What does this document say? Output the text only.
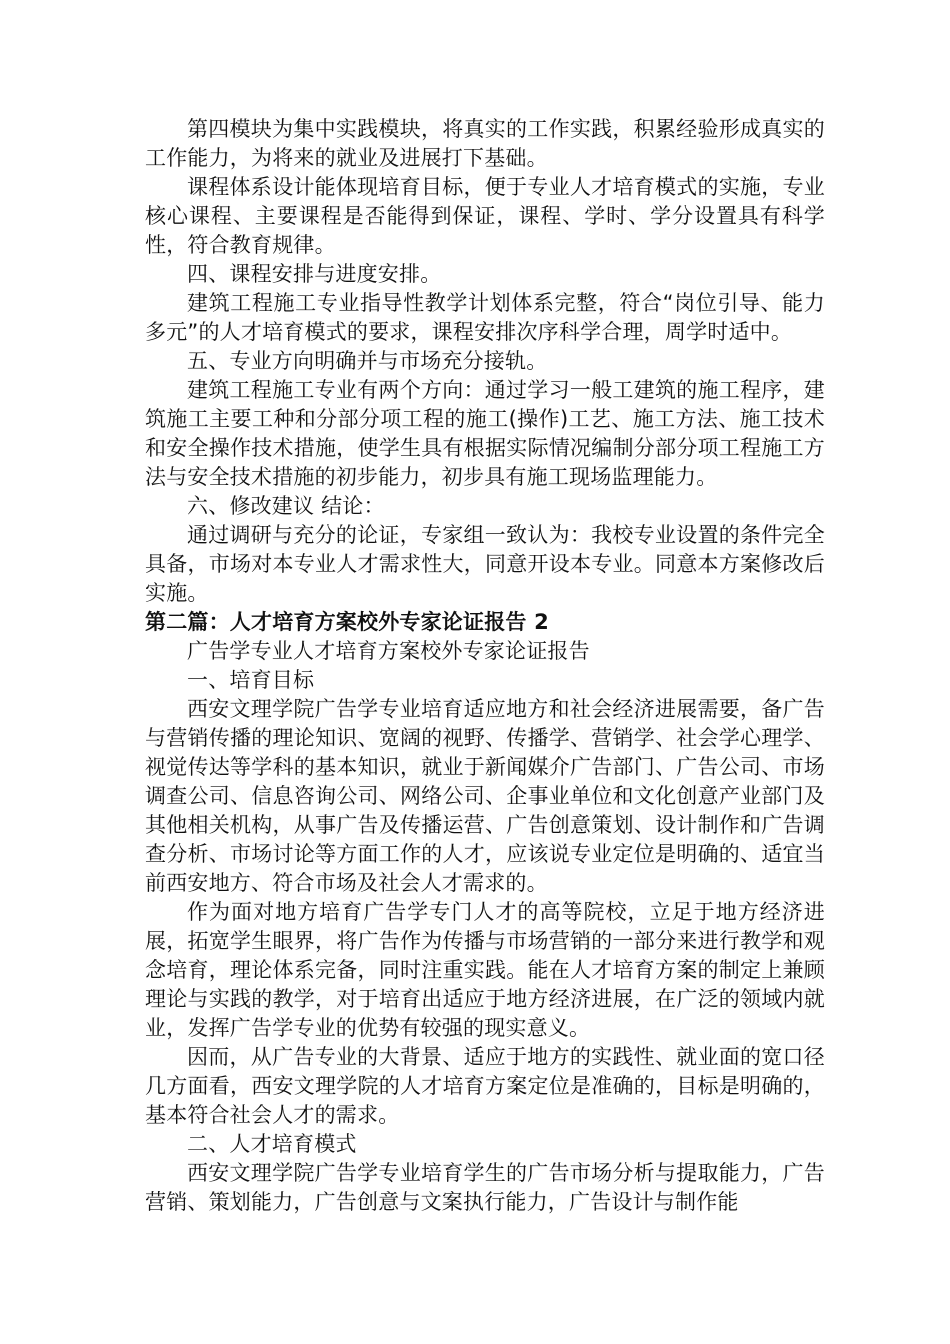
第四模块为集中实践模块，将真实的工作实践，积累经验形成真实的工作能力，为将来的就业及进展打下基础。

课程体系设计能体现培育目标，便于专业人才培育模式的实施，专业核心课程、主要课程是否能得到保证，课程、学时、学分设置具有科学性，符合教育规律。

四、课程安排与进度安排。

建筑工程施工专业指导性教学计划体系完整，符合“岗位引导、能力多元”的人才培育模式的要求，课程安排次序科学合理，周学时适中。

五、专业方向明确并与市场充分接轨。

建筑工程施工专业有两个方向：通过学习一般工建筑的施工程序，建筑施工主要工种和分部分项工程的施工(操作)工艺、施工方法、施工技术和安全操作技术措施，使学生具有根据实际情况编制分部分项工程施工方法与安全技术措施的初步能力，初步具有施工现场监理能力。

六、修改建议 结论：

通过调研与充分的论证，专家组一致认为：我校专业设置的条件完全具备，市场对本专业人才需求性大，同意开设本专业。同意本方案修改后实施。

第二篇：人才培育方案校外专家论证报告 2

广告学专业人才培育方案校外专家论证报告

一、培育目标

西安文理学院广告学专业培育适应地方和社会经济进展需要，备广告与营销传播的理论知识、宽阔的视野、传播学、营销学、社会学心理学、视觉传达等学科的基本知识，就业于新闻媒介广告部门、广告公司、市场调查公司、信息咨询公司、网络公司、企事业单位和文化创意产业部门及其他相关机构，从事广告及传播运营、广告创意策划、设计制作和广告调查分析、市场讨论等方面工作的人才，应该说专业定位是明确的、适宜当前西安地方、符合市场及社会人才需求的。

作为面对地方培育广告学专门人才的高等院校，立足于地方经济进展，拓宽学生眼界，将广告作为传播与市场营销的一部分来进行教学和观念培育，理论体系完备，同时注重实践。能在人才培育方案的制定上兼顾理论与实践的教学，对于培育出适应于地方经济进展，在广泛的领域内就业，发挥广告学专业的优势有较强的现实意义。

因而，从广告专业的大背景、适应于地方的实践性、就业面的宽口径几方面看，西安文理学院的人才培育方案定位是准确的，目标是明确的，基本符合社会人才的需求。

二、人才培育模式

西安文理学院广告学专业培育学生的广告市场分析与提取能力，广告营销、策划能力，广告创意与文案执行能力，广告设计与制作能
